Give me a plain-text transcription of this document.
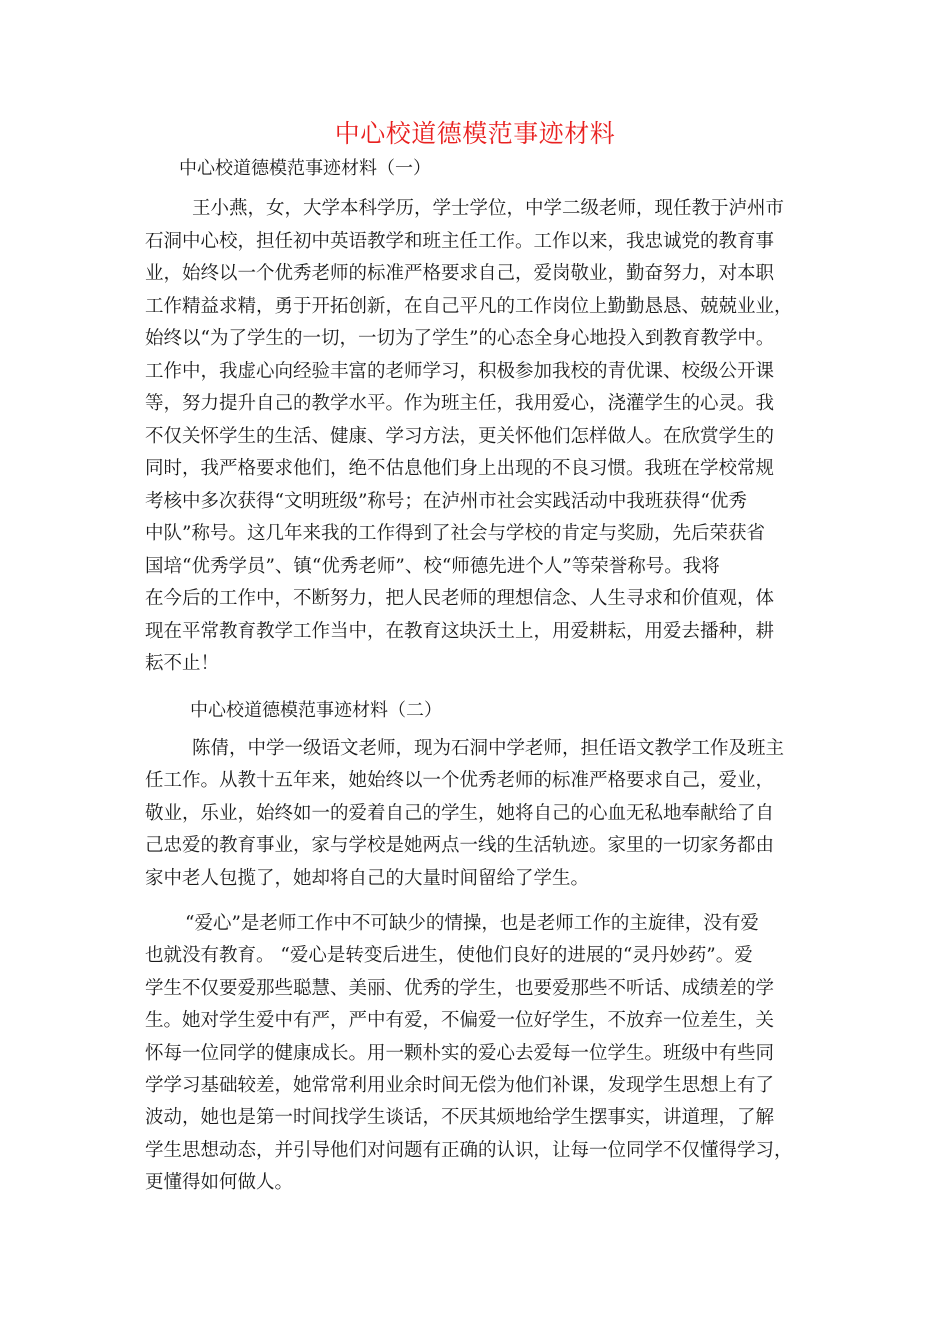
中心校道德模范事迹材料
中心校道德模范事迹材料（一）
王小燕，女，大学本科学历，学士学位，中学二级老师，现任教于泸州市
石洞中心校，担任初中英语教学和班主任工作。工作以来，我忠诚党的教育事
业，始终以一个优秀老师的标准严格要求自己，爱岗敬业，勤奋努力，对本职
工作精益求精，勇于开拓创新，在自己平凡的工作岗位上勤勤恳恳、兢兢业业，
始终以“为了学生的一切，一切为了学生”的心态全身心地投入到教育教学中。
工作中，我虚心向经验丰富的老师学习，积极参加我校的青优课、校级公开课
等，努力提升自己的教学水平。作为班主任，我用爱心，浇灌学生的心灵。我
不仅关怀学生的生活、健康、学习方法，更关怀他们怎样做人。在欣赏学生的
同时，我严格要求他们，绝不估息他们身上出现的不良习惯。我班在学校常规
考核中多次获得“文明班级”称号；在泸州市社会实践活动中我班获得“优秀
中队”称号。这几年来我的工作得到了社会与学校的肯定与奖励，先后荣获省
国培“优秀学员”、镇“优秀老师”、校“师德先进个人”等荣誉称号。我将
在今后的工作中，不断努力，把人民老师的理想信念、人生寻求和价值观，体
现在平常教育教学工作当中，在教育这块沃土上，用爱耕耘，用爱去播种，耕
耘不止！
中心校道德模范事迹材料（二）
陈倩，中学一级语文老师，现为石洞中学老师，担任语文教学工作及班主
任工作。从教十五年来，她始终以一个优秀老师的标准严格要求自己，爱业，
敬业，乐业，始终如一的爱着自己的学生，她将自己的心血无私地奉献给了自
己忠爱的教育事业，家与学校是她两点一线的生活轨迹。家里的一切家务都由
家中老人包揽了，她却将自己的大量时间留给了学生。
“爱心”是老师工作中不可缺少的情操，也是老师工作的主旋律，没有爱
也就没有教育。 “爱心是转变后进生，使他们良好的进展的“灵丹妙药”。爱
学生不仅要爱那些聪慧、美丽、优秀的学生，也要爱那些不听话、成绩差的学
生。她对学生爱中有严，严中有爱，不偏爱一位好学生，不放弃一位差生，关
怀每一位同学的健康成长。用一颗朴实的爱心去爱每一位学生。班级中有些同
学学习基础较差，她常常利用业余时间无偿为他们补课，发现学生思想上有了
波动，她也是第一时间找学生谈话，不厌其烦地给学生摆事实，讲道理，了解
学生思想动态，并引导他们对问题有正确的认识，让每一位同学不仅懂得学习，
更懂得如何做人。
